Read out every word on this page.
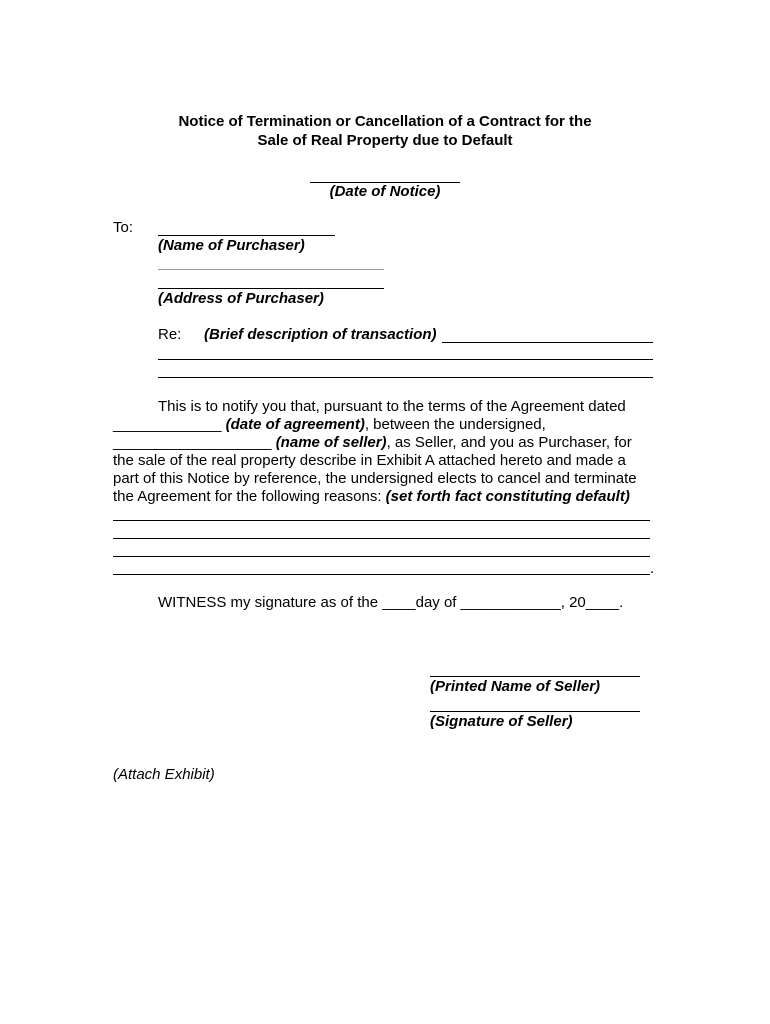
Notice of Termination or Cancellation of a Contract for the
Sale of Real Property due to Default
(Date of Notice)
To:
(Name of Purchaser)
(Address of Purchaser)
Re: (Brief description of transaction)
This is to notify you that, pursuant to the terms of the Agreement dated
_____________ (date of agreement), between the undersigned,
___________________ (name of seller), as Seller, and you as Purchaser, for
the sale of the real property describe in Exhibit A attached hereto and made a
part of this Notice by reference, the undersigned elects to cancel and terminate
the Agreement for the following reasons: (set forth fact constituting default)
.
WITNESS my signature as of the ____day of ____________, 20____.
(Printed Name of Seller)
(Signature of Seller)
(Attach Exhibit)
